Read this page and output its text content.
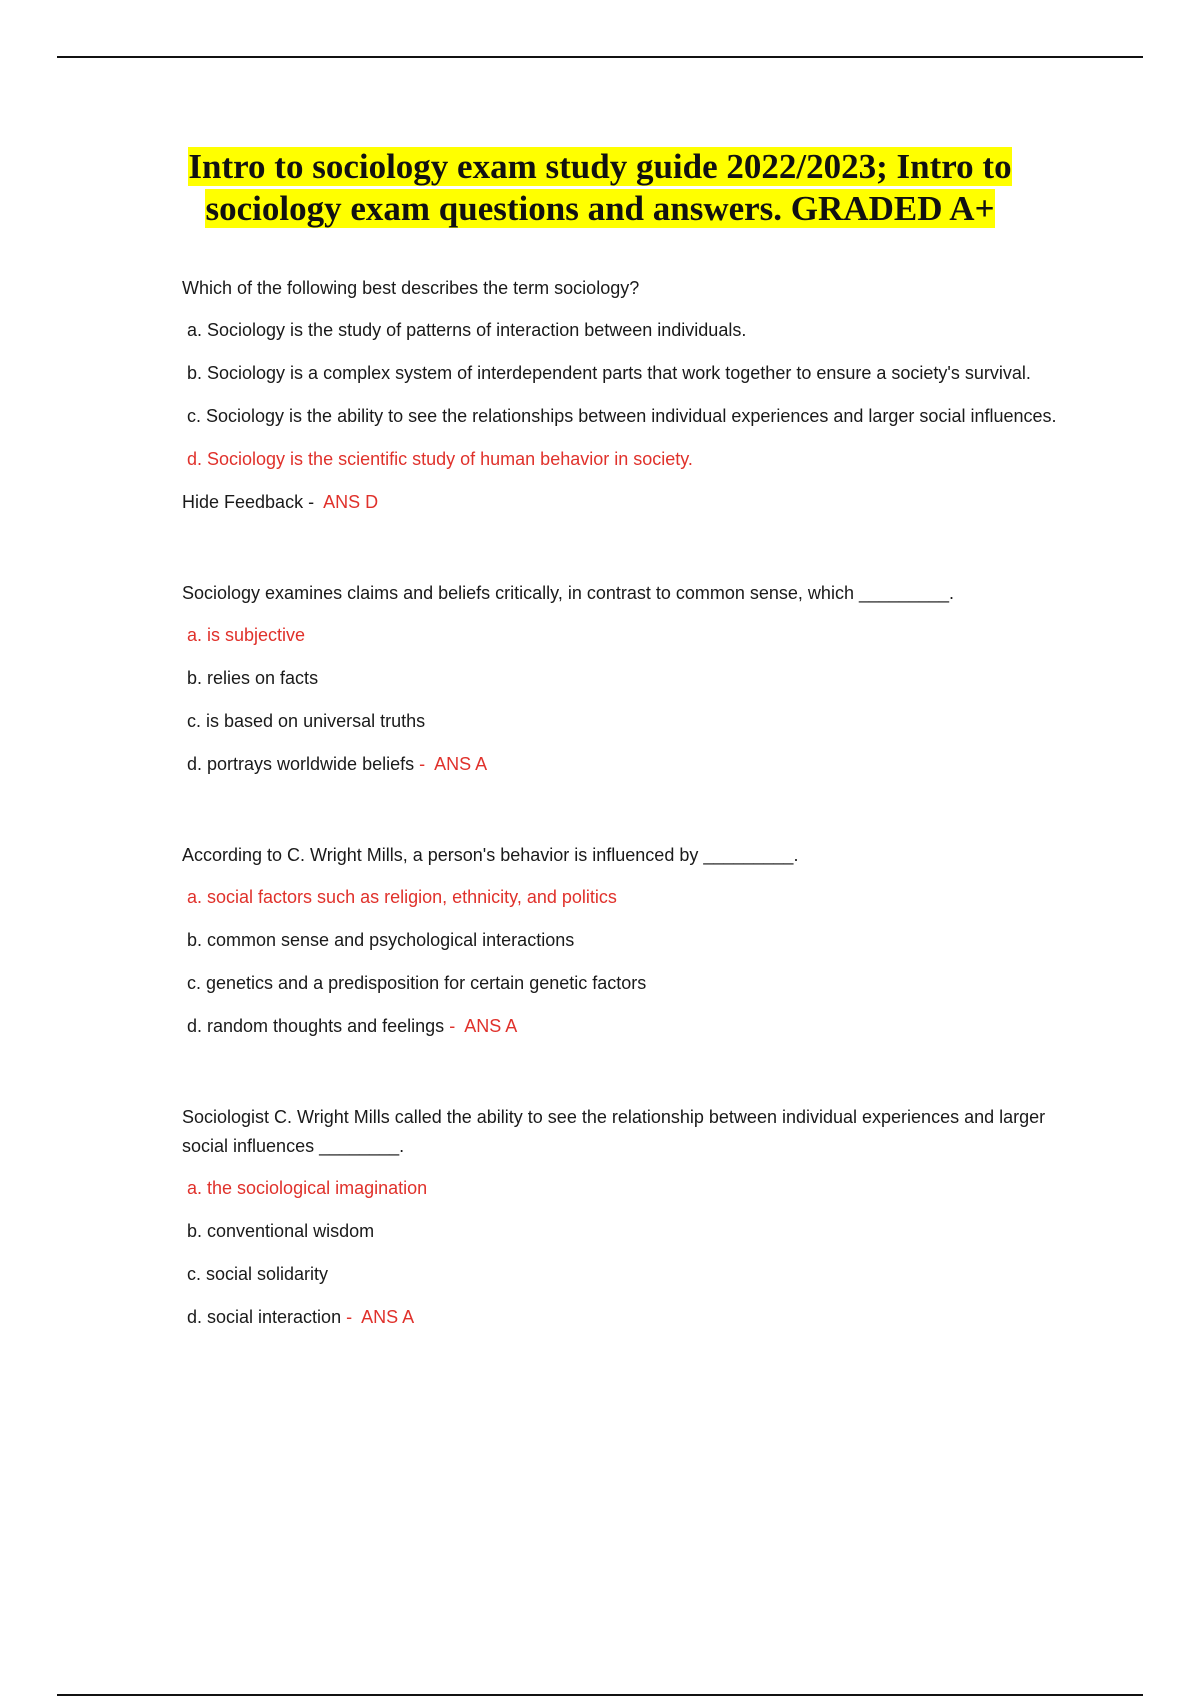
Intro to sociology exam study guide 2022/2023; Intro to sociology exam questions and answers. GRADED A+

Which of the following best describes the term sociology?

a. Sociology is the study of patterns of interaction between individuals.

b. Sociology is a complex system of interdependent parts that work together to ensure a society's survival.

c. Sociology is the ability to see the relationships between individual experiences and larger social influences.

d. Sociology is the scientific study of human behavior in society.

Hide Feedback - ANS D

Sociology examines claims and beliefs critically, in contrast to common sense, which _________.

a. is subjective

b. relies on facts

c. is based on universal truths

d. portrays worldwide beliefs - ANS A

According to C. Wright Mills, a person's behavior is influenced by _________.

a. social factors such as religion, ethnicity, and politics

b. common sense and psychological interactions

c. genetics and a predisposition for certain genetic factors

d. random thoughts and feelings - ANS A

Sociologist C. Wright Mills called the ability to see the relationship between individual experiences and larger social influences ________.

a. the sociological imagination

b. conventional wisdom

c. social solidarity

d. social interaction - ANS A
